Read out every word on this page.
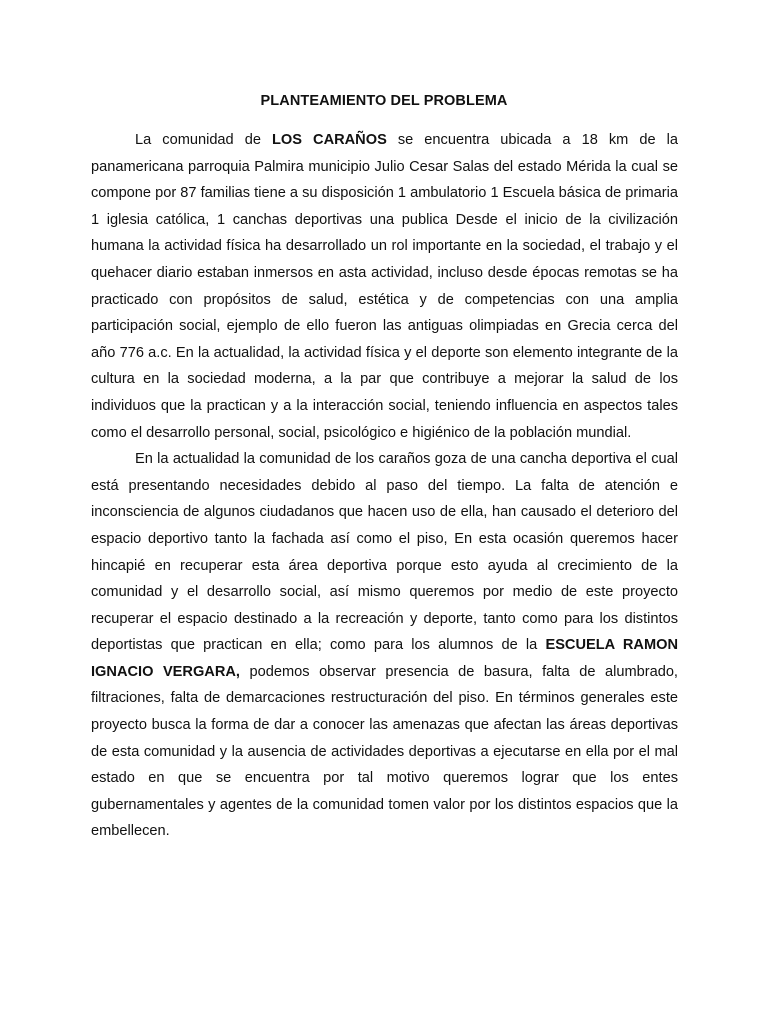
PLANTEAMIENTO DEL PROBLEMA

La comunidad de LOS CARAÑOS se encuentra ubicada a 18 km de la panamericana parroquia Palmira municipio Julio Cesar Salas del estado Mérida la cual se compone por 87 familias tiene a su disposición 1 ambulatorio 1 Escuela básica de primaria 1 iglesia católica, 1 canchas deportivas una publica Desde el inicio de la civilización humana la actividad física ha desarrollado un rol importante en la sociedad, el trabajo y el quehacer diario estaban inmersos en asta actividad, incluso desde épocas remotas se ha practicado con propósitos de salud, estética y de competencias con una amplia participación social, ejemplo de ello fueron las antiguas olimpiadas en Grecia cerca del año 776 a.c. En la actualidad, la actividad física y el deporte son elemento integrante de la cultura en la sociedad moderna, a la par que contribuye a mejorar la salud de los individuos que la practican y a la interacción social, teniendo influencia en aspectos tales como el desarrollo personal, social, psicológico e higiénico de la población mundial.

En la actualidad la comunidad de los caraños goza de una cancha deportiva el cual está presentando necesidades debido al paso del tiempo. La falta de atención e inconsciencia de algunos ciudadanos que hacen uso de ella, han causado el deterioro del espacio deportivo tanto la fachada así como el piso, En esta ocasión queremos hacer hincapié en recuperar esta área deportiva porque esto ayuda al crecimiento de la comunidad y el desarrollo social, así mismo queremos por medio de este proyecto recuperar el espacio destinado a la recreación y deporte, tanto como para los distintos deportistas que practican en ella; como para los alumnos de la ESCUELA RAMON IGNACIO VERGARA, podemos observar presencia de basura, falta de alumbrado, filtraciones, falta de demarcaciones restructuración del piso. En términos generales este proyecto busca la forma de dar a conocer las amenazas que afectan las áreas deportivas de esta comunidad y la ausencia de actividades deportivas a ejecutarse en ella por el mal estado en que se encuentra por tal motivo queremos lograr que los entes gubernamentales y agentes de la comunidad tomen valor por los distintos espacios que la embellecen.
